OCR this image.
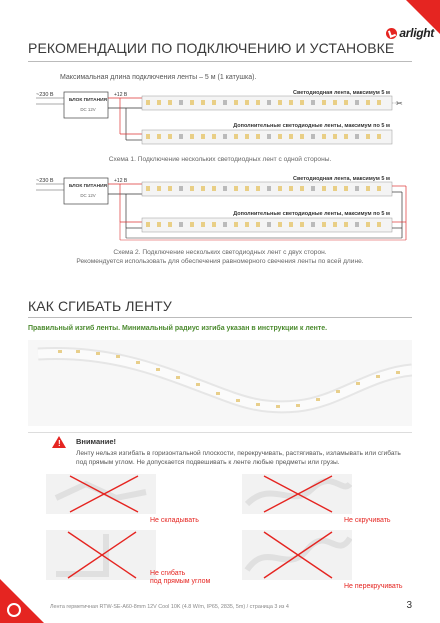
arlight
РЕКОМЕНДАЦИИ ПО ПОДКЛЮЧЕНИЮ И УСТАНОВКЕ
Максимальная длина подключения ленты – 5 м (1 катушка).
~230 В
БЛОК ПИТАНИЯ
DC 12V
+12 В	Светодиодная лента, максимум 5 м
Дополнительные светодиодные ленты, максимум по 5 м
✂
Схема 1. Подключение нескольких светодиодных лент с одной стороны.
~230 В
БЛОК ПИТАНИЯ
DC 12V
+12 В	Светодиодная лента, максимум 5 м
Дополнительные светодиодные ленты, максимум по 5 м
Схема 2. Подключение нескольких светодиодных лент с двух сторон.
Рекомендуется использовать для обеспечения равномерного свечения ленты по всей длине.
КАК СГИБАТЬ ЛЕНТУ
Правильный изгиб ленты. Минимальный радиус изгиба указан в инструкции к ленте.
! Внимание!
Ленту нельзя изгибать в горизонтальной плоскости, перекручивать, растягивать, изламывать или сгибать под прямым углом. Не допускается подвешивать к ленте любые предметы или грузы.
Не складывать	Не скручивать
Не сгибать
под прямым углом
Не перекручивать
Лента герметичная RTW-SE-A60-8mm 12V Cool 10K (4.8 W/m, IP65, 2835, 5m) / страница 3 из 4	3
